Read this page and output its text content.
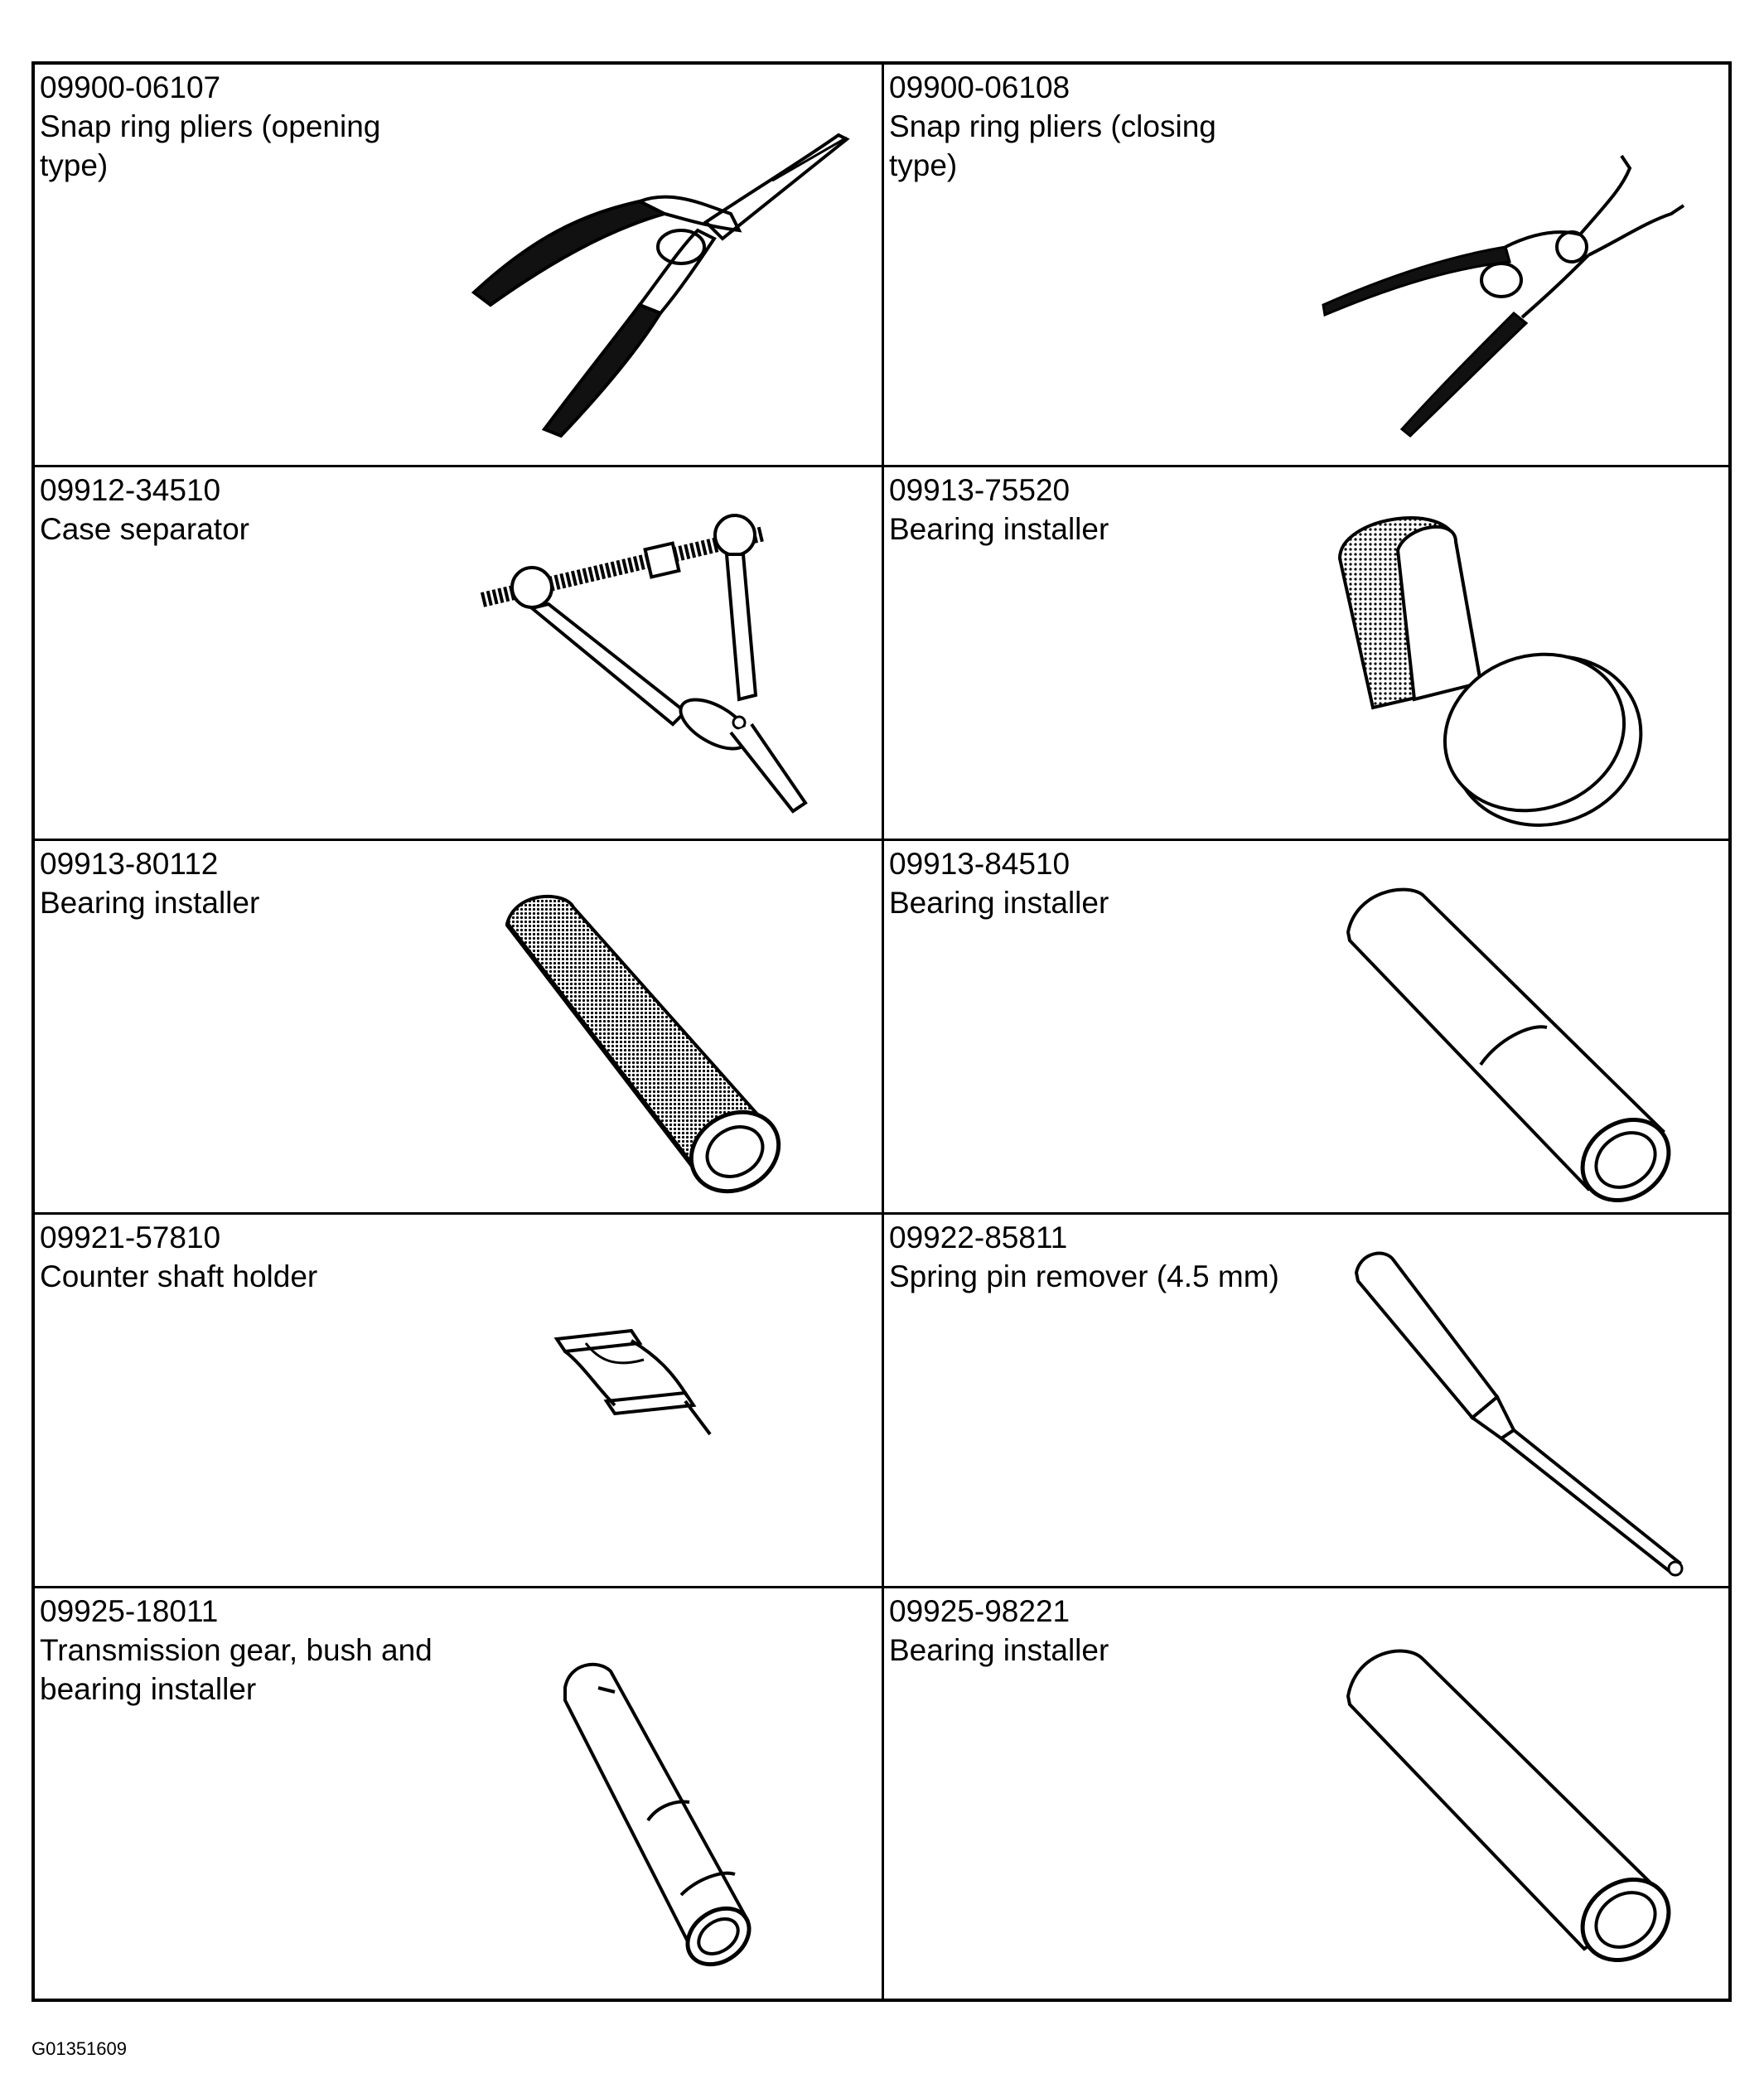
09900-06107
Snap ring pliers (opening
type)
09900-06108
Snap ring pliers (closing
type)
09912-34510
Case separator
09913-75520
Bearing installer
09913-80112
Bearing installer
09913-84510
Bearing installer
09921-57810
Counter shaft holder
09922-85811
Spring pin remover (4.5 mm)
09925-18011
Transmission gear, bush and
bearing installer
09925-98221
Bearing installer
G01351609
